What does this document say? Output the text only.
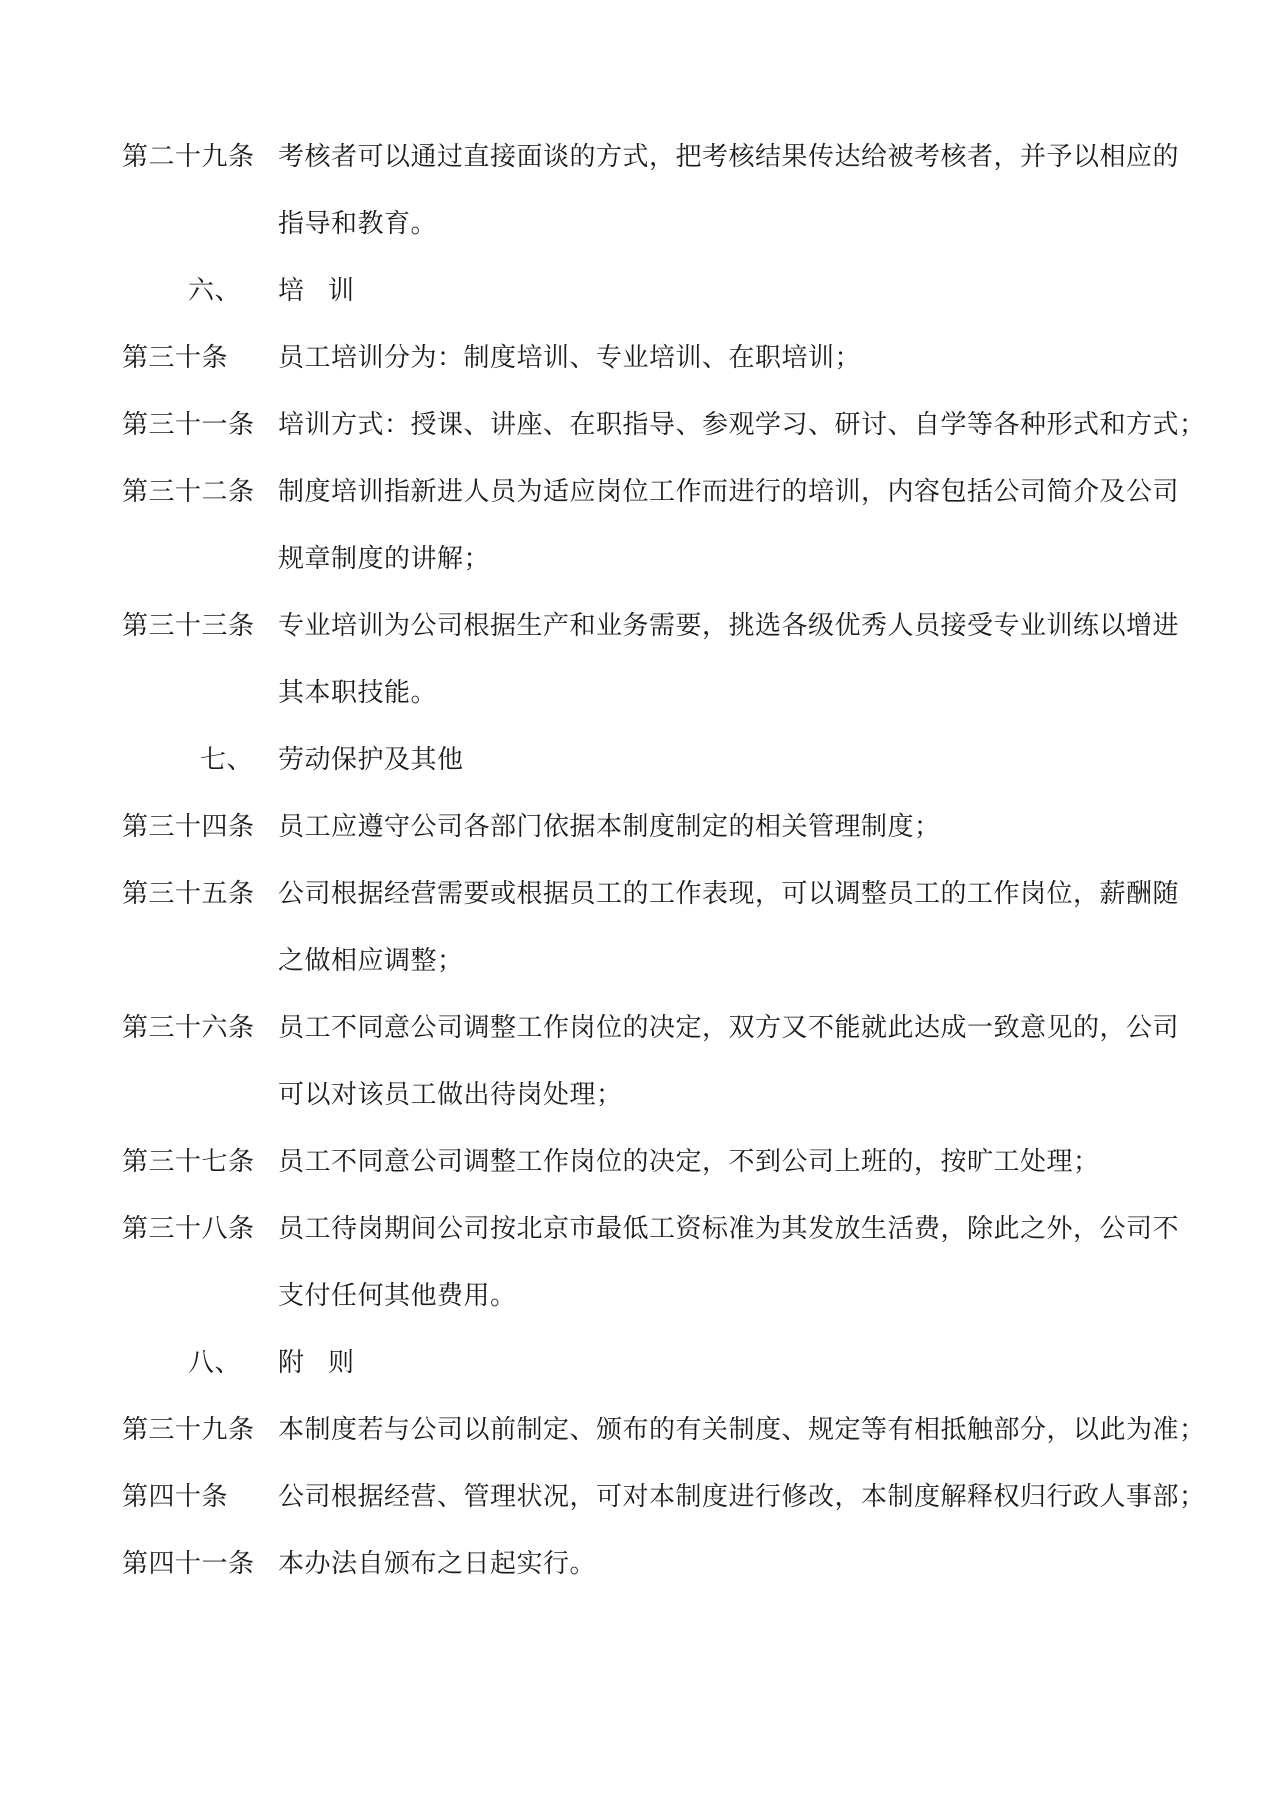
第二十九条 考核者可以通过直接面谈的方式，把考核结果传达给被考核者，并予以相应的
指导和教育。
六、 培训
第三十条 员工培训分为：制度培训、专业培训、在职培训；
第三十一条 培训方式：授课、讲座、在职指导、参观学习、研讨、自学等各种形式和方式；
第三十二条 制度培训指新进人员为适应岗位工作而进行的培训，内容包括公司简介及公司
规章制度的讲解；
第三十三条 专业培训为公司根据生产和业务需要，挑选各级优秀人员接受专业训练以增进
其本职技能。
七、 劳动保护及其他
第三十四条 员工应遵守公司各部门依据本制度制定的相关管理制度；
第三十五条 公司根据经营需要或根据员工的工作表现，可以调整员工的工作岗位，薪酬随
之做相应调整；
第三十六条 员工不同意公司调整工作岗位的决定，双方又不能就此达成一致意见的，公司
可以对该员工做出待岗处理；
第三十七条 员工不同意公司调整工作岗位的决定，不到公司上班的，按旷工处理；
第三十八条 员工待岗期间公司按北京市最低工资标准为其发放生活费，除此之外，公司不
支付任何其他费用。
八、 附则
第三十九条 本制度若与公司以前制定、颁布的有关制度、规定等有相抵触部分，以此为准；
第四十条 公司根据经营、管理状况，可对本制度进行修改，本制度解释权归行政人事部；
第四十一条 本办法自颁布之日起实行。
